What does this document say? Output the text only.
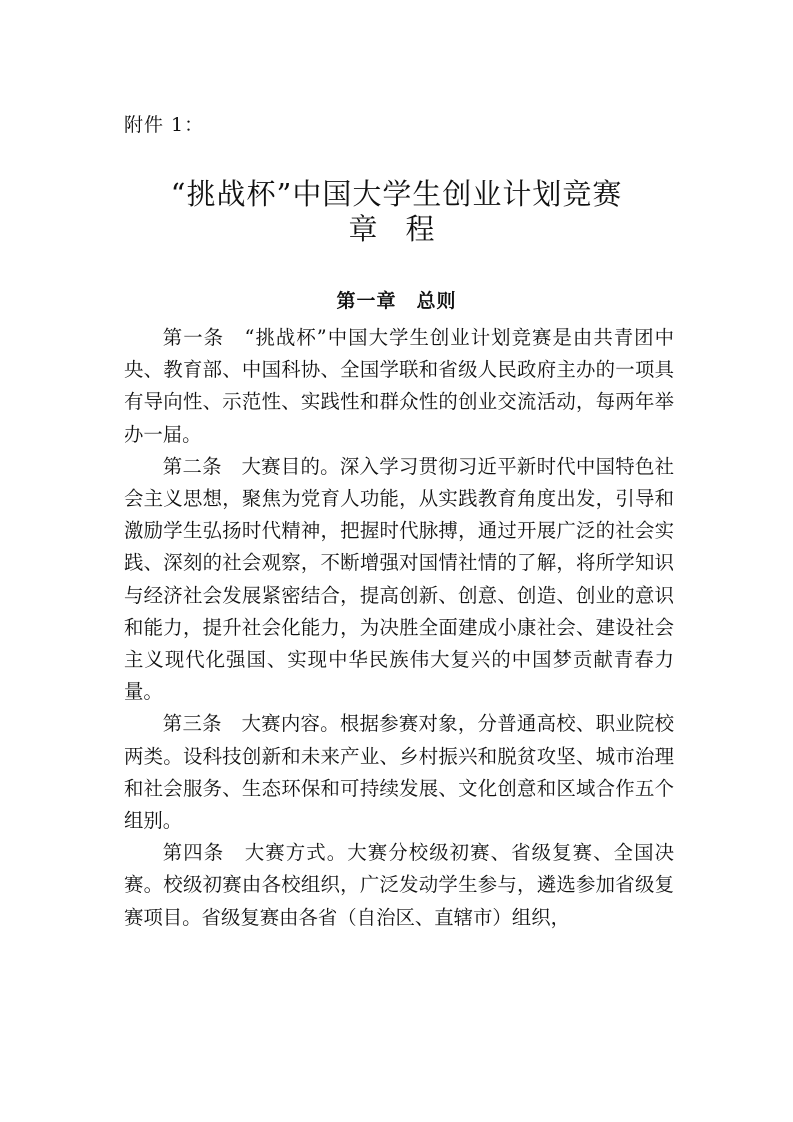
附件 1：
“挑战杯”中国大学生创业计划竞赛
章程
第一章　总则

第一条　“挑战杯”中国大学生创业计划竞赛是由共青团中央、教育部、中国科协、全国学联和省级人民政府主办的一项具有导向性、示范性、实践性和群众性的创业交流活动，每两年举办一届。

第二条　大赛目的。深入学习贯彻习近平新时代中国特色社会主义思想，聚焦为党育人功能，从实践教育角度出发，引导和激励学生弘扬时代精神，把握时代脉搏，通过开展广泛的社会实践、深刻的社会观察，不断增强对国情社情的了解，将所学知识与经济社会发展紧密结合，提高创新、创意、创造、创业的意识和能力，提升社会化能力，为决胜全面建成小康社会、建设社会主义现代化强国、实现中华民族伟大复兴的中国梦贡献青春力量。

第三条　大赛内容。根据参赛对象，分普通高校、职业院校两类。设科技创新和未来产业、乡村振兴和脱贫攻坚、城市治理和社会服务、生态环保和可持续发展、文化创意和区域合作五个组别。

第四条　大赛方式。大赛分校级初赛、省级复赛、全国决赛。校级初赛由各校组织，广泛发动学生参与，遴选参加省级复赛项目。省级复赛由各省（自治区、直辖市）组织，
